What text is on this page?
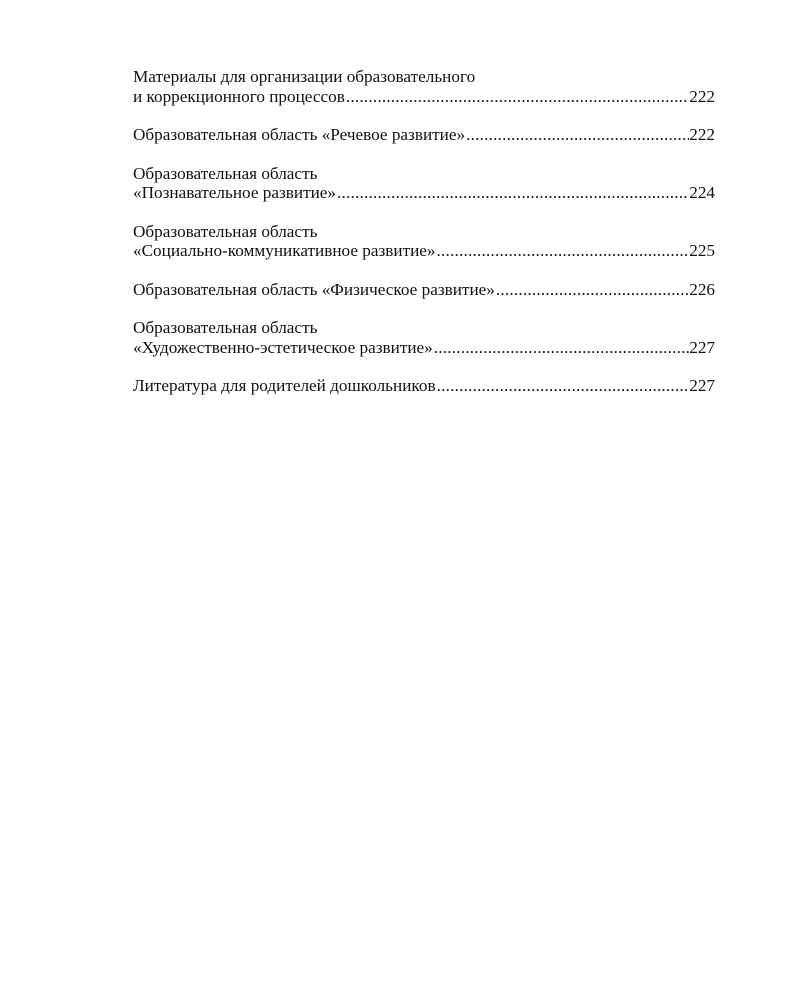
Материалы для организации образовательного
и коррекционного процессов .....	222
Образовательная область «Речевое развитие» .....	222
Образовательная область
«Познавательное развитие» .....	224
Образовательная область
«Социально-коммуникативное развитие» .....	225
Образовательная область «Физическое развитие» .....	226
Образовательная область
«Художественно-эстетическое развитие» .....	227
Литература для родителей дошкольников .....	227
